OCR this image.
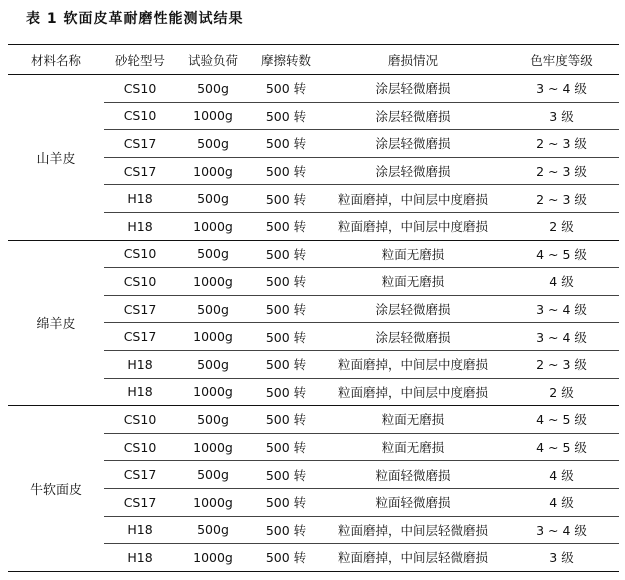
表 1 软面皮革耐磨性能测试结果
材料名称	砂轮型号	试验负荷	摩擦转数	磨损情况	色牢度等级
山羊皮	CS10	500g	500 转	涂层轻微磨损	3 ~ 4 级
	CS10	1000g	500 转	涂层轻微磨损	3 级
	CS17	500g	500 转	涂层轻微磨损	2 ~ 3 级
	CS17	1000g	500 转	涂层轻微磨损	2 ~ 3 级
	H18	500g	500 转	粒面磨掉，中间层中度磨损	2 ~ 3 级
	H18	1000g	500 转	粒面磨掉，中间层中度磨损	2 级
绵羊皮	CS10	500g	500 转	粒面无磨损	4 ~ 5 级
	CS10	1000g	500 转	粒面无磨损	4 级
	CS17	500g	500 转	涂层轻微磨损	3 ~ 4 级
	CS17	1000g	500 转	涂层轻微磨损	3 ~ 4 级
	H18	500g	500 转	粒面磨掉，中间层中度磨损	2 ~ 3 级
	H18	1000g	500 转	粒面磨掉，中间层中度磨损	2 级
牛软面皮	CS10	500g	500 转	粒面无磨损	4 ~ 5 级
	CS10	1000g	500 转	粒面无磨损	4 ~ 5 级
	CS17	500g	500 转	粒面轻微磨损	4 级
	CS17	1000g	500 转	粒面轻微磨损	4 级
	H18	500g	500 转	粒面磨掉，中间层轻微磨损	3 ~ 4 级
	H18	1000g	500 转	粒面磨掉，中间层轻微磨损	3 级
